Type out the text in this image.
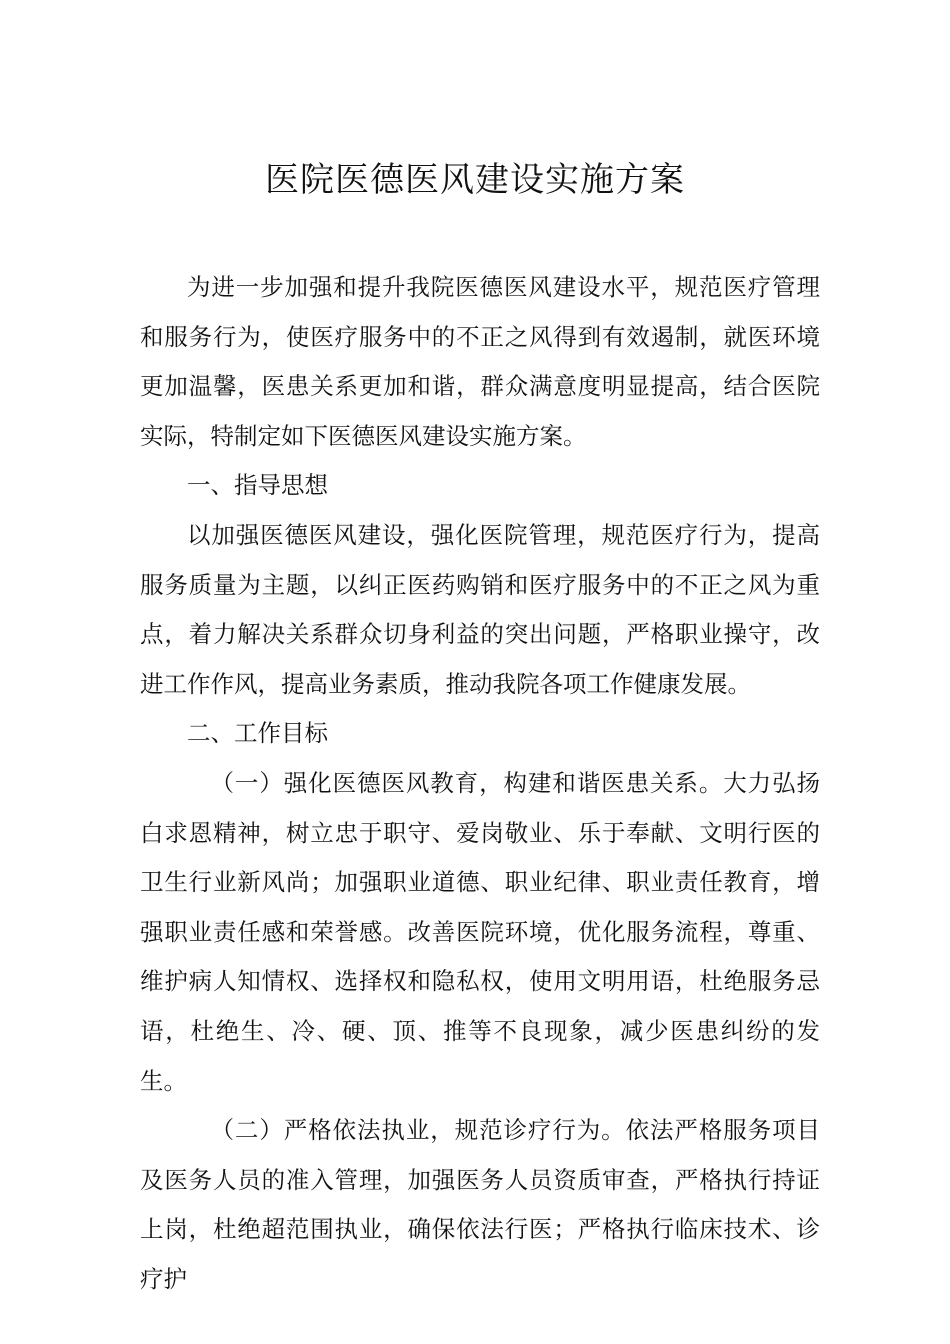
医院医德医风建设实施方案

为进一步加强和提升我院医德医风建设水平，规范医疗管理和服务行为，使医疗服务中的不正之风得到有效遏制，就医环境更加温馨，医患关系更加和谐，群众满意度明显提高，结合医院实际，特制定如下医德医风建设实施方案。

一、指导思想

以加强医德医风建设，强化医院管理，规范医疗行为，提高服务质量为主题，以纠正医药购销和医疗服务中的不正之风为重点，着力解决关系群众切身利益的突出问题，严格职业操守，改进工作作风，提高业务素质，推动我院各项工作健康发展。

二、工作目标

（一）强化医德医风教育，构建和谐医患关系。大力弘扬白求恩精神，树立忠于职守、爱岗敬业、乐于奉献、文明行医的卫生行业新风尚；加强职业道德、职业纪律、职业责任教育，增强职业责任感和荣誉感。改善医院环境，优化服务流程，尊重、维护病人知情权、选择权和隐私权，使用文明用语，杜绝服务忌语，杜绝生、冷、硬、顶、推等不良现象，减少医患纠纷的发生。

（二）严格依法执业，规范诊疗行为。依法严格服务项目及医务人员的准入管理，加强医务人员资质审查，严格执行持证上岗，杜绝超范围执业，确保依法行医；严格执行临床技术、诊疗护
